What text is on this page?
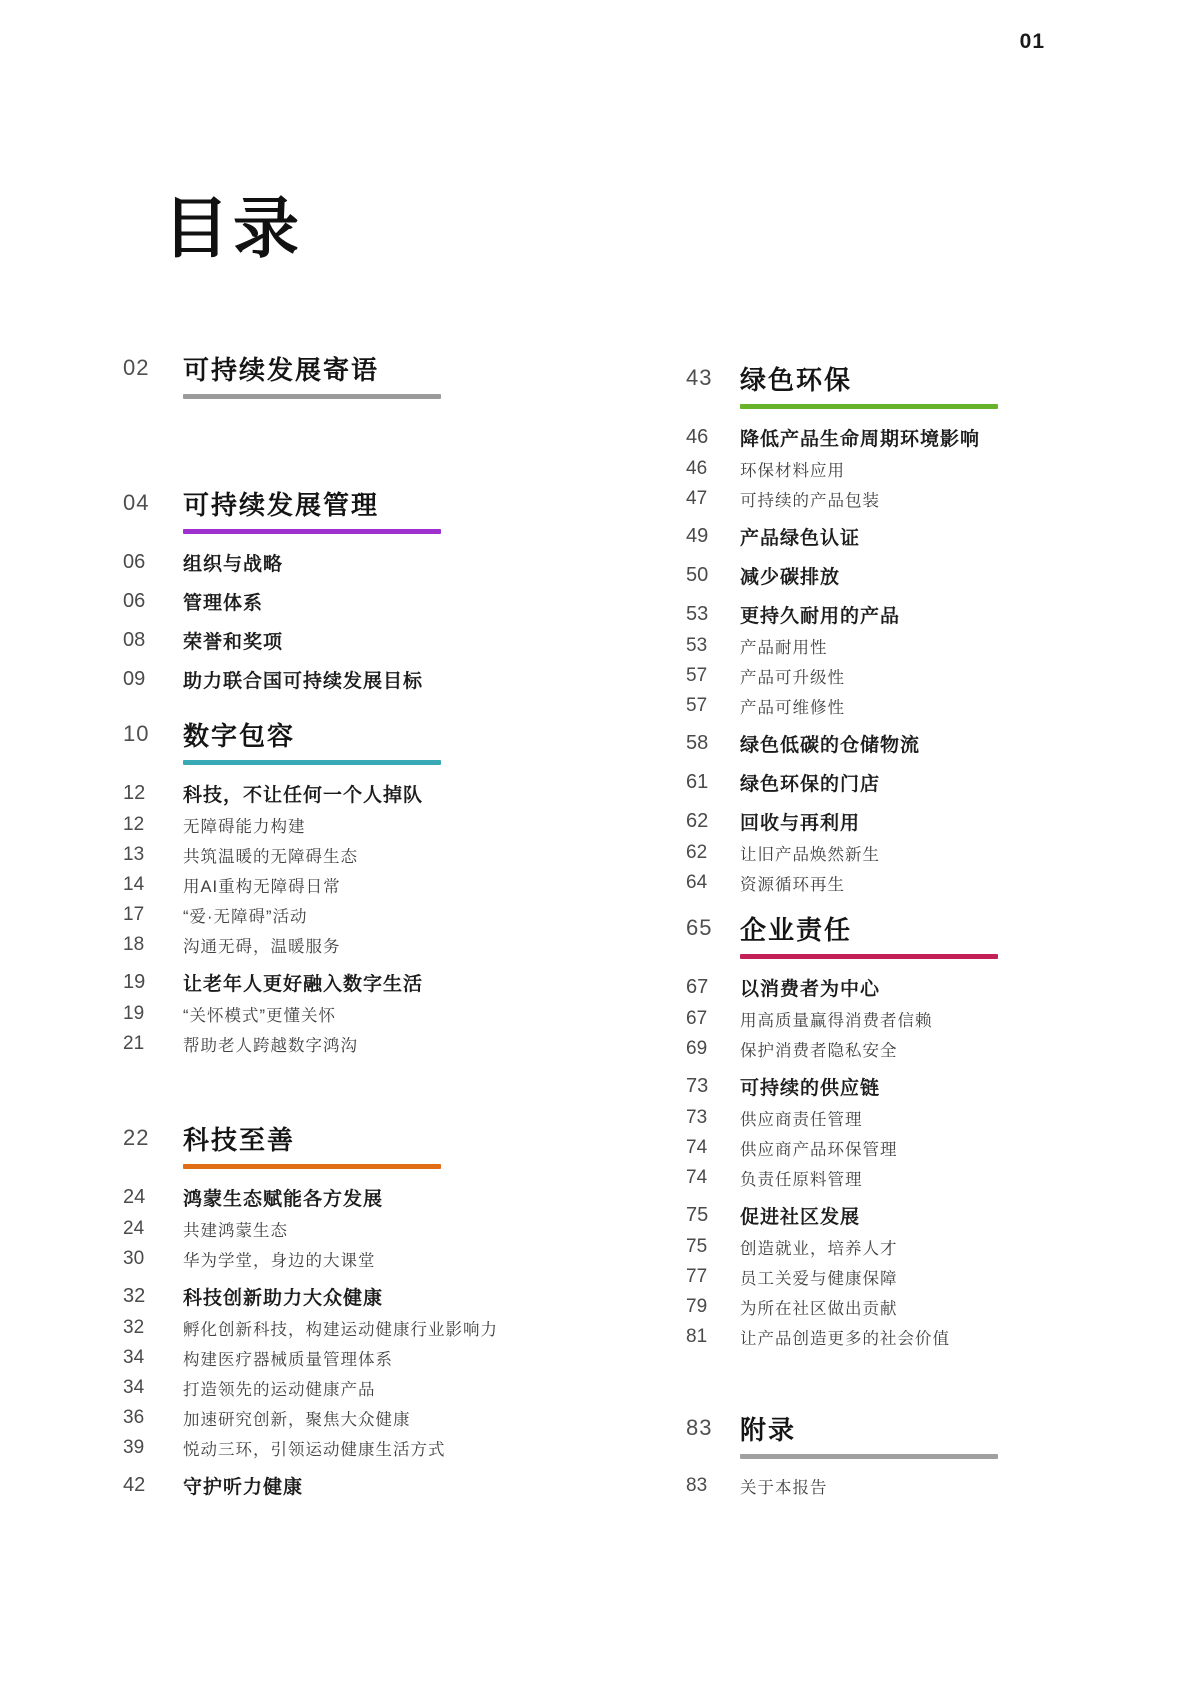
01
目录
02	可持续发展寄语
04	可持续发展管理
06	组织与战略
06	管理体系
08	荣誉和奖项
09	助力联合国可持续发展目标
10	数字包容
12	科技，不让任何一个人掉队
12	无障碍能力构建
13	共筑温暖的无障碍生态
14	用AI重构无障碍日常
17	“爱·无障碍”活动
18	沟通无碍，温暖服务
19	让老年人更好融入数字生活
19	“关怀模式”更懂关怀
21	帮助老人跨越数字鸿沟
22	科技至善
24	鸿蒙生态赋能各方发展
24	共建鸿蒙生态
30	华为学堂，身边的大课堂
32	科技创新助力大众健康
32	孵化创新科技，构建运动健康行业影响力
34	构建医疗器械质量管理体系
34	打造领先的运动健康产品
36	加速研究创新，聚焦大众健康
39	悦动三环，引领运动健康生活方式
42	守护听力健康
43	绿色环保
46	降低产品生命周期环境影响
46	环保材料应用
47	可持续的产品包装
49	产品绿色认证
50	减少碳排放
53	更持久耐用的产品
53	产品耐用性
57	产品可升级性
57	产品可维修性
58	绿色低碳的仓储物流
61	绿色环保的门店
62	回收与再利用
62	让旧产品焕然新生
64	资源循环再生
65	企业责任
67	以消费者为中心
67	用高质量赢得消费者信赖
69	保护消费者隐私安全
73	可持续的供应链
73	供应商责任管理
74	供应商产品环保管理
74	负责任原料管理
75	促进社区发展
75	创造就业，培养人才
77	员工关爱与健康保障
79	为所在社区做出贡献
81	让产品创造更多的社会价值
83	附录
83	关于本报告
